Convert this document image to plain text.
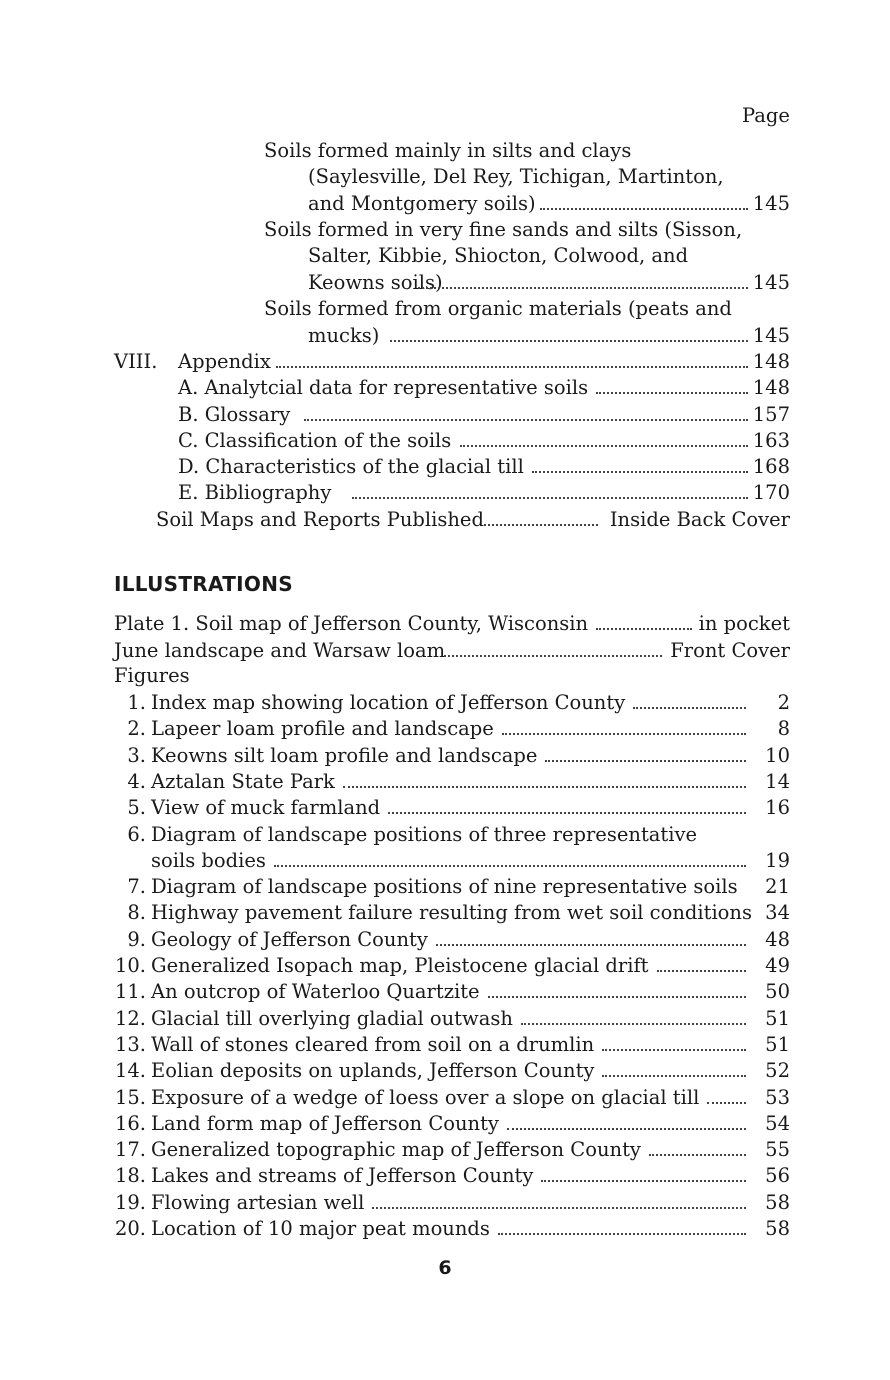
Page
Soils formed mainly in silts and clays
(Saylesville, Del Rey, Tichigan, Martinton,
and Montgomery soils)	145
Soils formed in very fine sands and silts (Sisson,
Salter, Kibbie, Shiocton, Colwood, and
Keowns soils)	145
Soils formed from organic materials (peats and
mucks)	145
VIII. Appendix	148
A. Analytcial data for representative soils	148
B. Glossary	157
C. Classification of the soils	163
D. Characteristics of the glacial till	168
E. Bibliography	170
Soil Maps and Reports Published	Inside Back Cover
ILLUSTRATIONS
Plate 1. Soil map of Jefferson County, Wisconsin	in pocket
June landscape and Warsaw loam	Front Cover
Figures
1. Index map showing location of Jefferson County	2
2. Lapeer loam profile and landscape	8
3. Keowns silt loam profile and landscape	10
4. Aztalan State Park	14
5. View of muck farmland	16
6. Diagram of landscape positions of three representative
soils bodies	19
7. Diagram of landscape positions of nine representative soils	21
8. Highway pavement failure resulting from wet soil conditions 34
9. Geology of Jefferson County	48
10. Generalized Isopach map, Pleistocene glacial drift	49
11. An outcrop of Waterloo Quartzite	50
12. Glacial till overlying gladial outwash	51
13. Wall of stones cleared from soil on a drumlin	51
14. Eolian deposits on uplands, Jefferson County	52
15. Exposure of a wedge of loess over a slope on glacial till	53
16. Land form map of Jefferson County	54
17. Generalized topographic map of Jefferson County	55
18. Lakes and streams of Jefferson County	56
19. Flowing artesian well	58
20. Location of 10 major peat mounds	58
6
